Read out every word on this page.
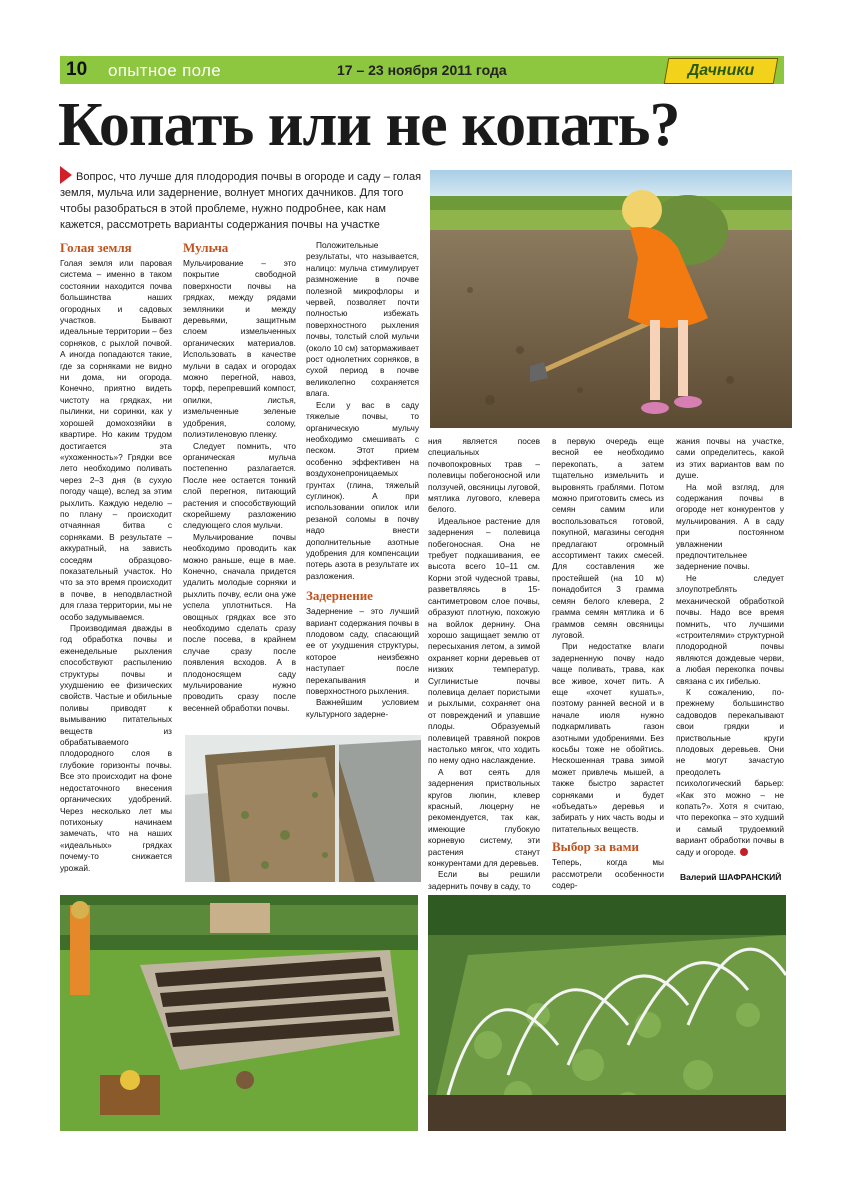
10 опытное поле	17 – 23 ноября 2011 года	Дачники
Копать или не копать?
Вопрос, что лучше для плодородия почвы в огороде и саду – голая земля, мульча или задернение, волнует многих дачников. Для того чтобы разобраться в этой проблеме, нужно подробнее, как нам кажется, рассмотреть варианты содержания почвы на участке
Голая земля

Голая земля или паровая система – именно в таком состоянии находится почва большинства наших огородных и садовых участков. Бывают идеальные территории – без сорняков, с рыхлой почвой. А иногда попадаются такие, где за сорняками не видно ни дома, ни огорода. Конечно, приятно видеть чистоту на грядках, ни пылинки, ни соринки, как у хорошей домохозяйки в квартире. Но каким трудом достигается эта «ухоженность»? Грядки все лето необходимо поливать через 2–3 дня (в сухую погоду чаще), вслед за этим рыхлить. Каждую неделю – по плану – происходит отчаянная битва с сорняками. В результате – аккуратный, на зависть соседям образцово-показательный участок. Но что за это время происходит в почве, в неподвластной для глаза территории, мы не особо задумываемся.

Производимая дважды в год обработка почвы и еженедельные рыхления способствуют распылению структуры почвы и ухудшению ее физических свойств. Частые и обильные поливы приводят к вымыванию питательных веществ из обрабатываемого плодородного слоя в глубокие горизонты почвы. Все это происходит на фоне недостаточного внесения органических удобрений. Через несколько лет мы потихоньку начинаем замечать, что на наших «идеальных» грядках почему-то снижается урожай.

Мульча

Мульчирование – это покрытие свободной поверхности почвы на грядках, между рядами земляники и между деревьями, защитным слоем измельченных органических материалов. Использовать в качестве мульчи в садах и огородах можно перегной, навоз, торф, перепревший компост, опилки, листья, измельченные зеленые удобрения, солому, полиэтиленовую пленку.

Следует помнить, что органическая мульча постепенно разлагается. После нее остается тонкий слой перегноя, питающий растения и способствующий скорейшему разложению следующего слоя мульчи.

Мульчирование почвы необходимо проводить как можно раньше, еще в мае. Конечно, сначала придется удалить молодые сорняки и рыхлить почву, если она уже успела уплотниться. На овощных грядках все это необходимо сделать сразу после посева, в крайнем случае сразу после появления всходов. А в плодоносящем саду мульчирование нужно проводить сразу после весенней обработки почвы.

Положительные результаты, что называется, налицо: мульча стимулирует размножение в почве полезной микрофлоры и червей, позволяет почти полностью избежать поверхностного рыхления почвы, толстый слой мульчи (около 10 см) затормаживает рост однолетних сорняков, в сухой период в почве великолепно сохраняется влага.

Если у вас в саду тяжелые почвы, то органическую мульчу необходимо смешивать с песком. Этот прием особенно эффективен на воздухонепроницаемых грунтах (глина, тяжелый суглинок). А при использовании опилок или резаной соломы в почву надо внести дополнительные азотные удобрения для компенсации потерь азота в результате их разложения.

Задернение

Задернение – это лучший вариант содержания почвы в плодовом саду, спасающий ее от ухудшения структуры, которое неизбежно наступает после перекапывания и поверхностного рыхления.

Важнейшим условием культурного задерне-

ния является посев специальных почвопокровных трав – полевицы побегоносной или ползучей, овсяницы луговой, мятлика лугового, клевера белого.

Идеальное растение для задернения – полевица побегоносная. Она не требует подкашивания, ее высота всего 10–11 см. Корни этой чудесной травы, разветвляясь в 15-сантиметровом слое почвы, образуют плотную, похожую на войлок дернину. Она хорошо защищает землю от пересыхания летом, а зимой охраняет корни деревьев от низких температур. Суглинистые почвы полевица делает пористыми и рыхлыми, сохраняет она от повреждений и упавшие плоды. Образуемый полевицей травяной покров настолько мягок, что ходить по нему одно наслаждение.

А вот сеять для задернения приствольных кругов люпин, клевер красный, люцерну не рекомендуется, так как, имеющие глубокую корневую систему, эти растения станут конкурентами для деревьев.

Если вы решили задернить почву в саду, то

в первую очередь еще весной ее необходимо перекопать, а затем тщательно измельчить и выровнять граблями. Потом можно приготовить смесь из семян самим или воспользоваться готовой, покупной, магазины сегодня предлагают огромный ассортимент таких смесей. Для составления же простейшей (на 10 м) понадобится 3 грамма семян белого клевера, 2 грамма семян мятлика и 6 граммов семян овсяницы луговой.

При недостатке влаги задерненную почву надо чаще поливать, трава, как все живое, хочет пить. А еще «хочет кушать», поэтому ранней весной и в начале июля нужно подкармливать газон азотными удобрениями. Без косьбы тоже не обойтись. Нескошенная трава зимой может привлечь мышей, а также быстро зарастет сорняками и будет «объедать» деревья и забирать у них часть воды и питательных веществ.

Выбор за вами

Теперь, когда мы рассмотрели особенности содер-

жания почвы на участке, сами определитесь, какой из этих вариантов вам по душе.

На мой взгляд, для содержания почвы в огороде нет конкурентов у мульчирования. А в саду при постоянном увлажнении предпочтительнее задернение почвы.

Не следует злоупотреблять механической обработкой почвы. Надо все время помнить, что лучшими «строителями» структурной плодородной почвы являются дождевые черви, а любая перекопка почвы связана с их гибелью.

К сожалению, по-прежнему большинство садоводов перекапывают свои грядки и приствольные круги плодовых деревьев. Они не могут зачастую преодолеть психологический барьер: «Как это можно – не копать?». Хотя я считаю, что перекопка – это худший и самый трудоемкий вариант обработки почвы в саду и огороде.

Валерий ШАФРАНСКИЙ
